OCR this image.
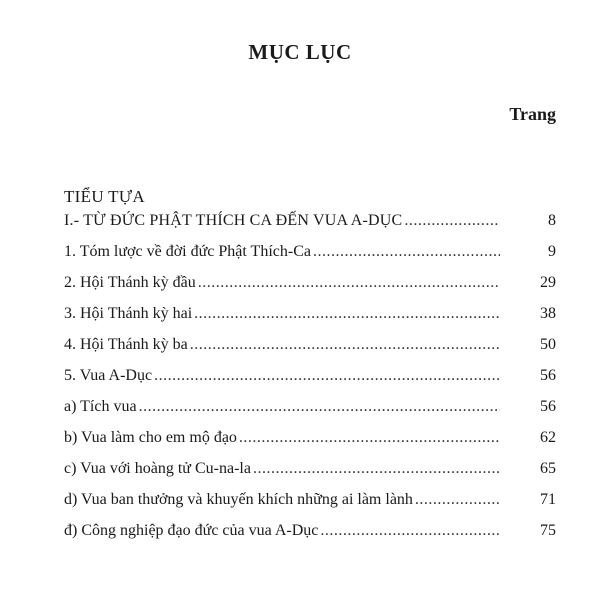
MỤC LỤC
Trang
TIỂU TỰA
I.- TỪ ĐỨC PHẬT THÍCH CA ĐẾN VUA A-DỤC .....	8
1. Tóm lược về đời đức Phật Thích-Ca .....	9
2. Hội Thánh kỳ đầu .....	29
3. Hội Thánh kỳ hai .....	38
4. Hội Thánh kỳ ba .....	50
5. Vua A-Dục .....	56
a) Tích vua .....	56
b) Vua làm cho em mộ đạo .....	62
c) Vua với hoàng tử Cu-na-la .....	65
d) Vua ban thưởng và khuyến khích những ai làm lành .....	71
đ) Công nghiệp đạo đức của vua A-Dục .....	75
